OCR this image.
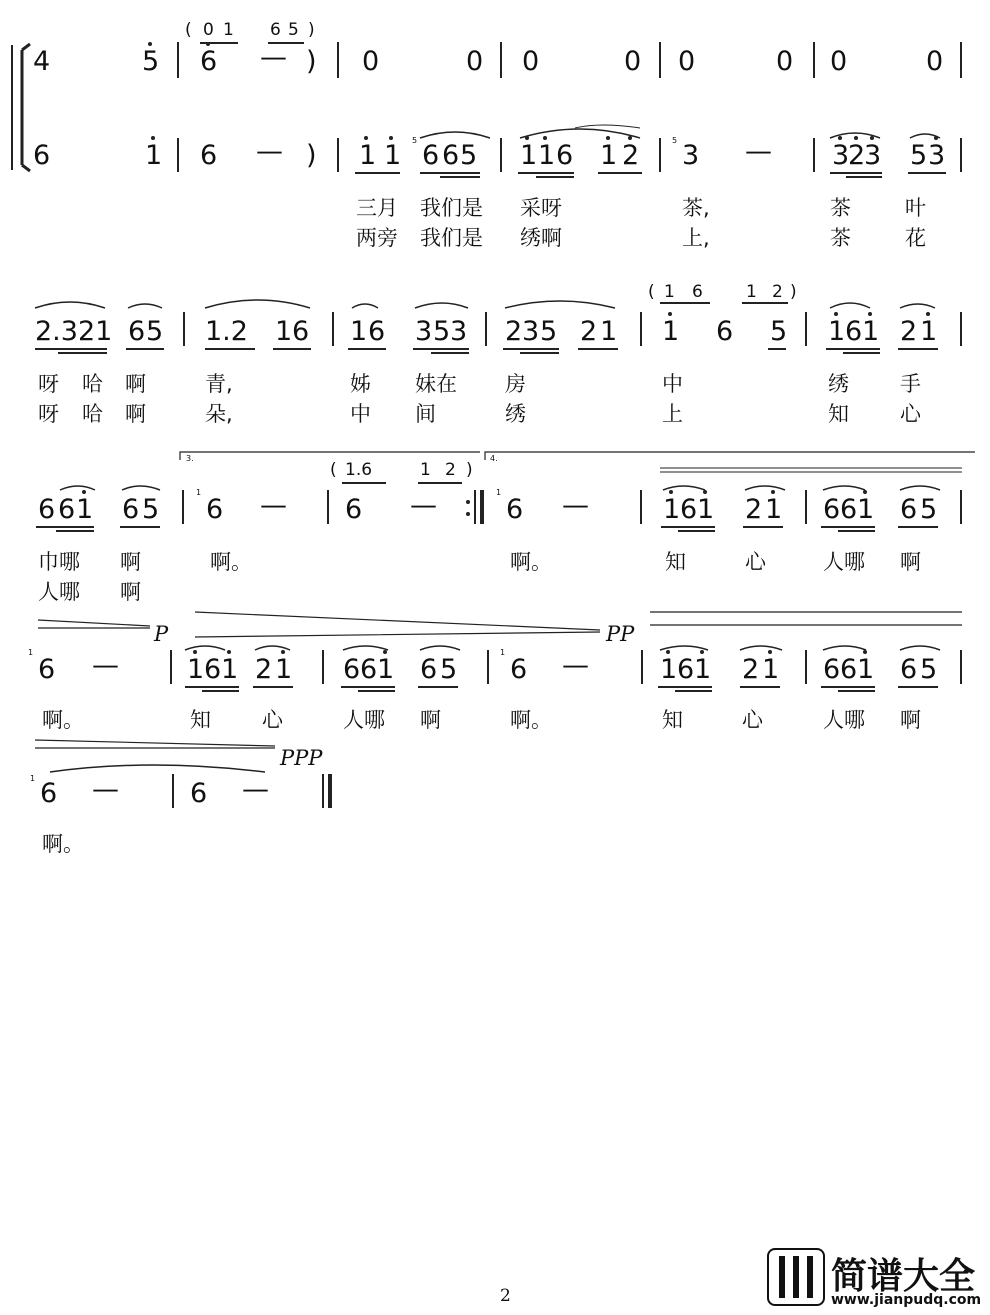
( 0 1 6 5 )
4	5 6 — ) 0	0 0	0 0	0 0	0
6	1 6 — ) 1 1 5 6 6 5 1 1 6 1 2	5 3 — 3
2
3 5 3
三月 我们是 采呀	茶,	茶	叶
两旁 我们是 绣啊	上,	茶	花
( 1 6	1 2 )
2.321 6 5 1.2 1 6 1 6 3 5 3 2 3 5 2 1 1 6 5 1 6 1 2 1
呀 哈 啊	青,	姊 妹在 房	中	绣 手
呀 哈 啊	朵,	中 间	绣	上	知 心
3.	4.
( 1.6	1 2 )
6 6 1 6 5
1
6 — 6 —	1
6 —	1 6 1 2 1 6 6 1 6 5
巾哪 啊	啊。	啊。	知	心	人哪 啊
人哪 啊
P	PP
1
6 —	1 6 1 2 1 6 6 1 6 5
1
6 —	1 6 1 2 1 6 6 1 6 5
啊。	知 心	人哪 啊	啊。	知	心	人哪 啊
PPP
1 6 —	6 —
啊。
2	简谱大全
www.jianpudq.com
